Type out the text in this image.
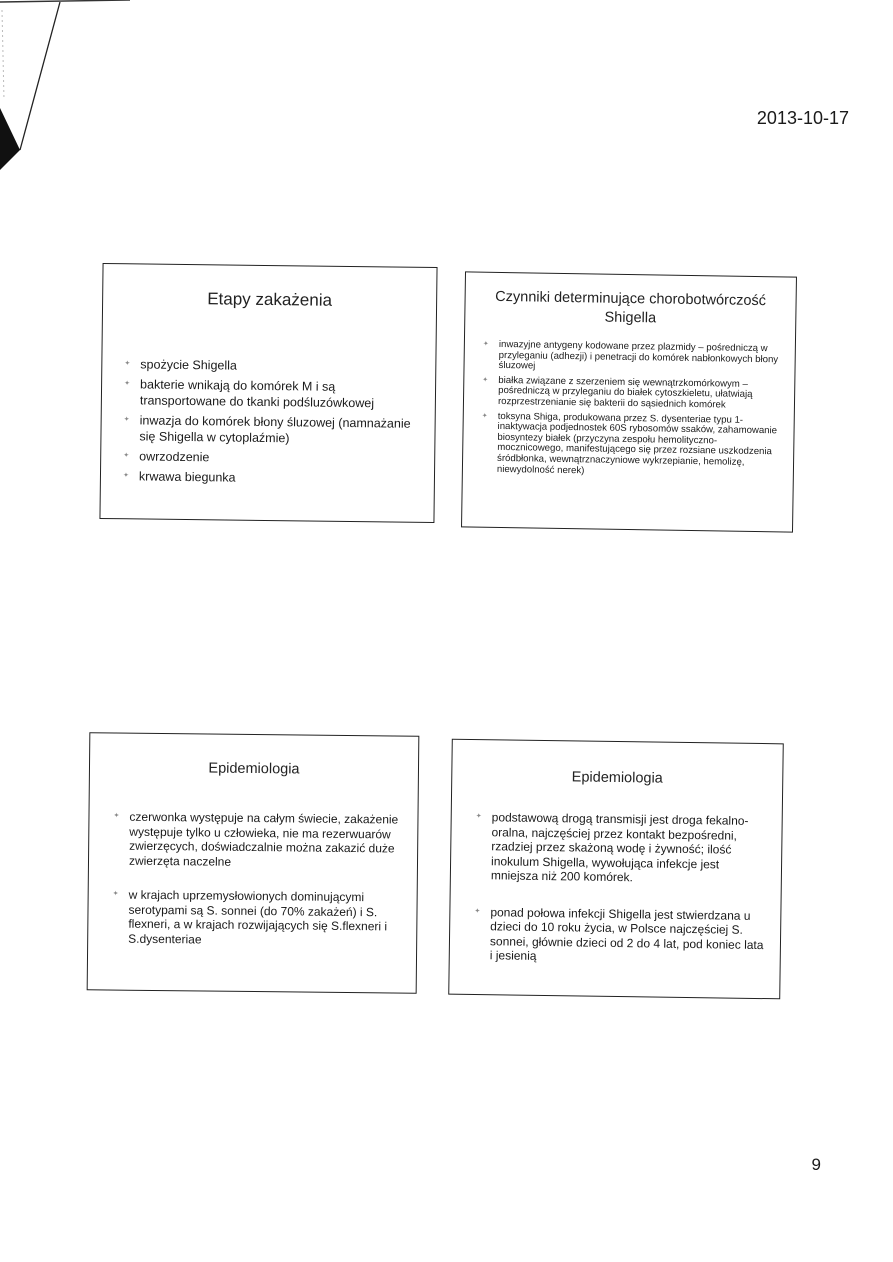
2013-10-17
Etapy zakażenia
✦ spożycie Shigella
✦ bakterie wnikają do komórek M i są transportowane do tkanki podśluzówkowej
✦ inwazja do komórek błony śluzowej (namnażanie się Shigella w cytoplaźmie)
✦ owrzodzenie
✦ krwawa biegunka
Czynniki determinujące chorobotwórczość Shigella
✦ inwazyjne antygeny kodowane przez plazmidy – pośredniczą w przyleganiu (adhezji) i penetracji do komórek nabłonkowych błony śluzowej
✦ białka związane z szerzeniem się wewnątrzkomórkowym – pośredniczą w przyleganiu do białek cytoszkieletu, ułatwiają rozprzestrzenianie się bakterii do sąsiednich komórek
✦ toksyna Shiga, produkowana przez S. dysenteriae typu 1- inaktywacja podjednostek 60S rybosomów ssaków, zahamowanie biosyntezy białek (przyczyna zespołu hemolityczno-mocznicowego, manifestującego się przez rozsiane uszkodzenia śródbłonka, wewnątrznaczyniowe wykrzepianie, hemolizę, niewydolność nerek)
Epidemiologia
✦ czerwonka występuje na całym świecie, zakażenie występuje tylko u człowieka, nie ma rezerwuarów zwierzęcych, doświadczalnie można zakazić duże zwierzęta naczelne
✦ w krajach uprzemysłowionych dominującymi serotypami są S. sonnei (do 70% zakażeń) i S. flexneri, a w krajach rozwijających się S.flexneri i S.dysenteriae
Epidemiologia
✦ podstawową drogą transmisji jest droga fekalno-oralna, najczęściej przez kontakt bezpośredni, rzadziej przez skażoną wodę i żywność; ilość inokulum Shigella, wywołująca infekcje jest mniejsza niż 200 komórek.
✦ ponad połowa infekcji Shigella jest stwierdzana u dzieci do 10 roku życia, w Polsce najczęściej S. sonnei, głównie dzieci od 2 do 4 lat, pod koniec lata i jesienią
9
